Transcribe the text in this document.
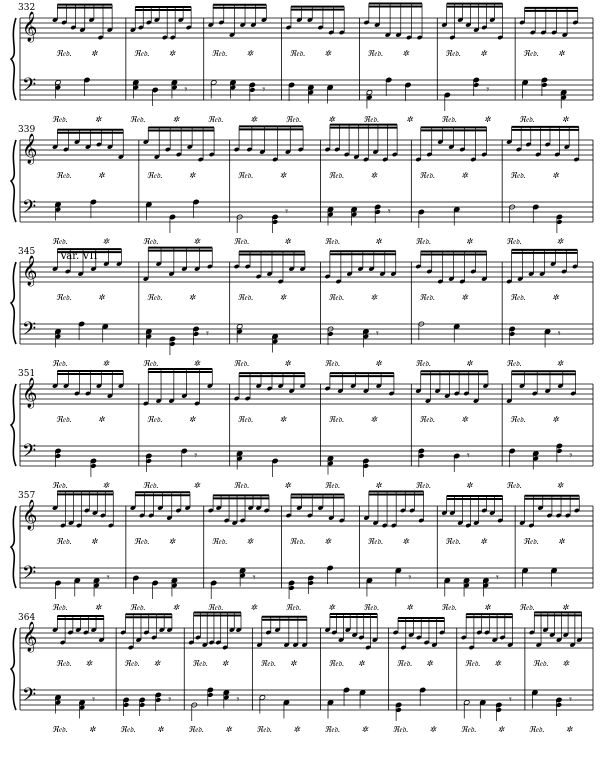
𝄞
𝄢
332
ℜ𝔢𝔡. ✲
ℜ𝔢𝔡.	✲
𝄾
ℜ𝔢𝔡. ✲
ℜ𝔢𝔡.	✲
𝄾
ℜ𝔢𝔡. ✲
ℜ𝔢𝔡.	✲
ℜ𝔢𝔡. ✲
ℜ𝔢𝔡.	✲
ℜ𝔢𝔡. ✲
ℜ𝔢𝔡.	✲
𝄾
ℜ𝔢𝔡. ✲
ℜ𝔢𝔡.	✲
ℜ𝔢𝔡. ✲
ℜ𝔢𝔡.	✲
𝄞
𝄢
339
ℜ𝔢𝔡.	✲
ℜ𝔢𝔡.	✲
ℜ𝔢𝔡.	✲
ℜ𝔢𝔡.	✲
𝄾
ℜ𝔢𝔡.	✲
ℜ𝔢𝔡.	✲
𝄾
ℜ𝔢𝔡.	✲
ℜ𝔢𝔡.	✲
ℜ𝔢𝔡.	✲
ℜ𝔢𝔡.	✲
ℜ𝔢𝔡.	✲
ℜ𝔢𝔡.	✲
𝄞
𝄢
345 Var. VII
ℜ𝔢𝔡.	✲
ℜ𝔢𝔡.	✲
𝄾
ℜ𝔢𝔡.	✲
ℜ𝔢𝔡.	✲
ℜ𝔢𝔡.	✲
ℜ𝔢𝔡.	✲
𝄾
ℜ𝔢𝔡.	✲
ℜ𝔢𝔡.	✲
ℜ𝔢𝔡.	✲
ℜ𝔢𝔡.	✲
𝄾
ℜ𝔢𝔡.	✲
ℜ𝔢𝔡.	✲
𝄞
𝄢
351
ℜ𝔢𝔡.	✲
ℜ𝔢𝔡.	✲
𝄾
ℜ𝔢𝔡.	✲
ℜ𝔢𝔡.	✲
ℜ𝔢𝔡.	✲
ℜ𝔢𝔡.	✲
ℜ𝔢𝔡.	✲
ℜ𝔢𝔡.	✲
𝄾
ℜ𝔢𝔡.	✲
ℜ𝔢𝔡.	✲
𝄾
ℜ𝔢𝔡.	✲
ℜ𝔢𝔡.	✲
𝄞
𝄢
357
𝄾
ℜ𝔢𝔡. ✲
ℜ𝔢𝔡.	✲
ℜ𝔢𝔡. ✲
ℜ𝔢𝔡.	✲
𝄾
ℜ𝔢𝔡. ✲
ℜ𝔢𝔡.	✲
ℜ𝔢𝔡. ✲
ℜ𝔢𝔡.	✲
𝄾
ℜ𝔢𝔡. ✲
ℜ𝔢𝔡.	✲
𝄾
ℜ𝔢𝔡. ✲
ℜ𝔢𝔡.	✲
ℜ𝔢𝔡. ✲
ℜ𝔢𝔡.	✲
𝄞
𝄢
364
𝄾
ℜ𝔢𝔡. ✲
ℜ𝔢𝔡.	✲
𝄾
ℜ𝔢𝔡. ✲
ℜ𝔢𝔡.	✲
𝄾
ℜ𝔢𝔡. ✲
ℜ𝔢𝔡.	✲
ℜ𝔢𝔡. ✲
ℜ𝔢𝔡.	✲
ℜ𝔢𝔡. ✲
ℜ𝔢𝔡.	✲
ℜ𝔢𝔡. ✲
ℜ𝔢𝔡.	✲
𝄾
ℜ𝔢𝔡. ✲
ℜ𝔢𝔡.	✲
𝄾
ℜ𝔢𝔡. ✲
ℜ𝔢𝔡.	✲
